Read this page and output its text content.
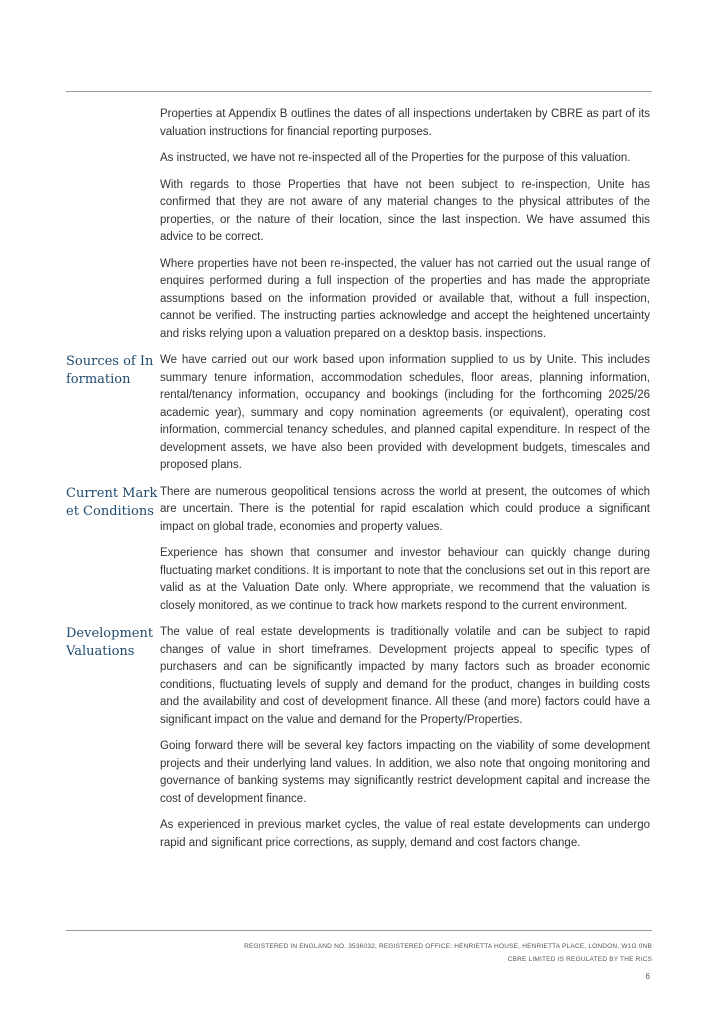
Properties at Appendix B outlines the dates of all inspections undertaken by CBRE as part of its valuation instructions for financial reporting purposes.

As instructed, we have not re-inspected all of the Properties for the purpose of this valuation.

With regards to those Properties that have not been subject to re-inspection, Unite has confirmed that they are not aware of any material changes to the physical attributes of the properties, or the nature of their location, since the last inspection. We have assumed this advice to be correct.

Where properties have not been re-inspected, the valuer has not carried out the usual range of enquires performed during a full inspection of the properties and has made the appropriate assumptions based on the information provided or available that, without a full inspection, cannot be verified. The instructing parties acknowledge and accept the heightened uncertainty and risks relying upon a valuation prepared on a desktop basis. inspections.

Sources of Information

We have carried out our work based upon information supplied to us by Unite. This includes summary tenure information, accommodation schedules, floor areas, planning information, rental/tenancy information, occupancy and bookings (including for the forthcoming 2025/26 academic year), summary and copy nomination agreements (or equivalent), operating cost information, commercial tenancy schedules, and planned capital expenditure. In respect of the development assets, we have also been provided with development budgets, timescales and proposed plans.

Current Market Conditions

There are numerous geopolitical tensions across the world at present, the outcomes of which are uncertain. There is the potential for rapid escalation which could produce a significant impact on global trade, economies and property values.

Experience has shown that consumer and investor behaviour can quickly change during fluctuating market conditions. It is important to note that the conclusions set out in this report are valid as at the Valuation Date only. Where appropriate, we recommend that the valuation is closely monitored, as we continue to track how markets respond to the current environment.

Development Valuations

The value of real estate developments is traditionally volatile and can be subject to rapid changes of value in short timeframes. Development projects appeal to specific types of purchasers and can be significantly impacted by many factors such as broader economic conditions, fluctuating levels of supply and demand for the product, changes in building costs and the availability and cost of development finance. All these (and more) factors could have a significant impact on the value and demand for the Property/Properties.

Going forward there will be several key factors impacting on the viability of some development projects and their underlying land values. In addition, we also note that ongoing monitoring and governance of banking systems may significantly restrict development capital and increase the cost of development finance.

As experienced in previous market cycles, the value of real estate developments can undergo rapid and significant price corrections, as supply, demand and cost factors change.

REGISTERED IN ENGLAND NO. 3536032, REGISTERED OFFICE: HENRIETTA HOUSE, HENRIETTA PLACE, LONDON, W1G 0NB
CBRE LIMITED IS REGULATED BY THE RICS
6
